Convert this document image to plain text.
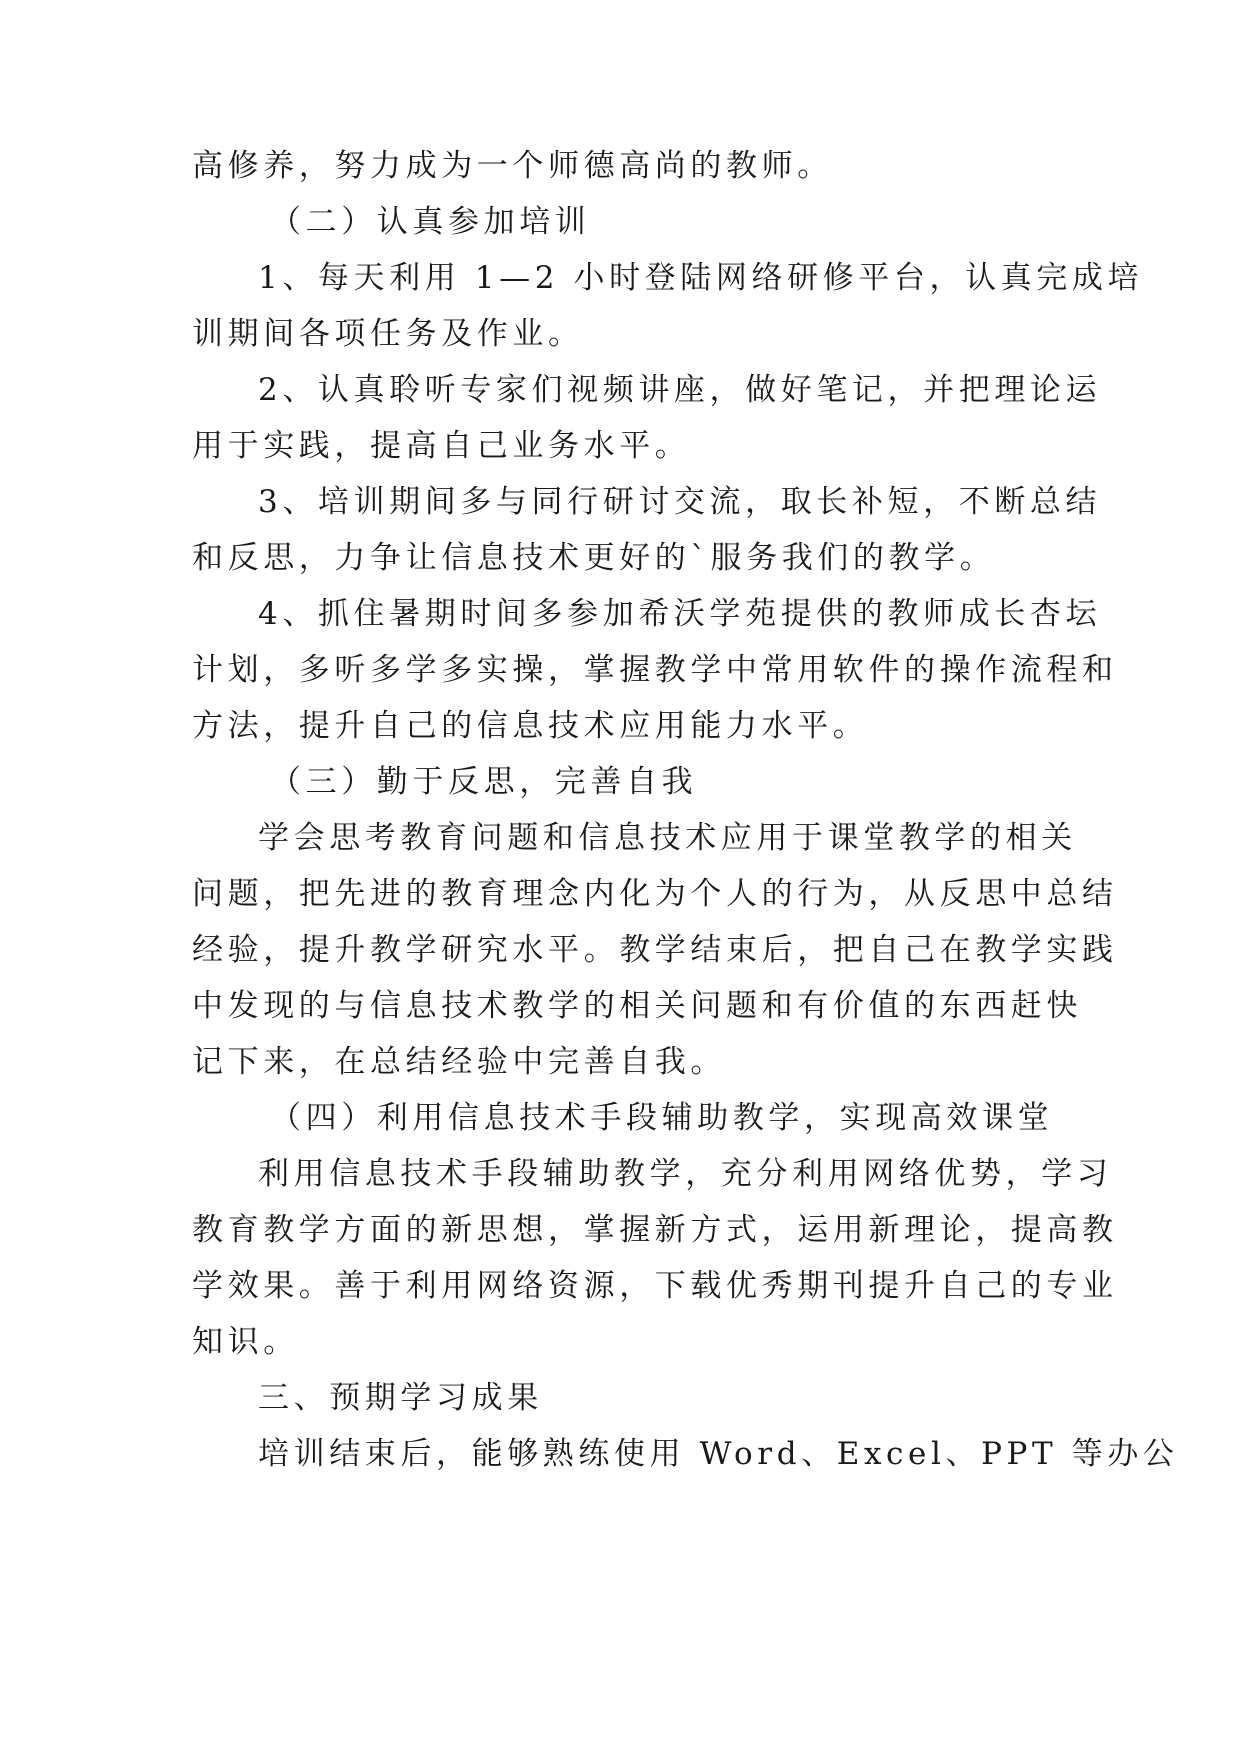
高修养，努力成为一个师德高尚的教师。
（二）认真参加培训
1、每天利用 1—2 小时登陆网络研修平台，认真完成培
训期间各项任务及作业。
2、认真聆听专家们视频讲座，做好笔记，并把理论运
用于实践，提高自己业务水平。
3、培训期间多与同行研讨交流，取长补短，不断总结
和反思，力争让信息技术更好的`服务我们的教学。
4、抓住暑期时间多参加希沃学苑提供的教师成长杏坛
计划，多听多学多实操，掌握教学中常用软件的操作流程和
方法，提升自己的信息技术应用能力水平。
（三）勤于反思，完善自我
学会思考教育问题和信息技术应用于课堂教学的相关
问题，把先进的教育理念内化为个人的行为，从反思中总结
经验，提升教学研究水平。教学结束后，把自己在教学实践
中发现的与信息技术教学的相关问题和有价值的东西赶快
记下来，在总结经验中完善自我。
（四）利用信息技术手段辅助教学，实现高效课堂
利用信息技术手段辅助教学，充分利用网络优势，学习
教育教学方面的新思想，掌握新方式，运用新理论，提高教
学效果。善于利用网络资源，下载优秀期刊提升自己的专业
知识。
三、预期学习成果
培训结束后，能够熟练使用 Word、Excel、PPT 等办公
